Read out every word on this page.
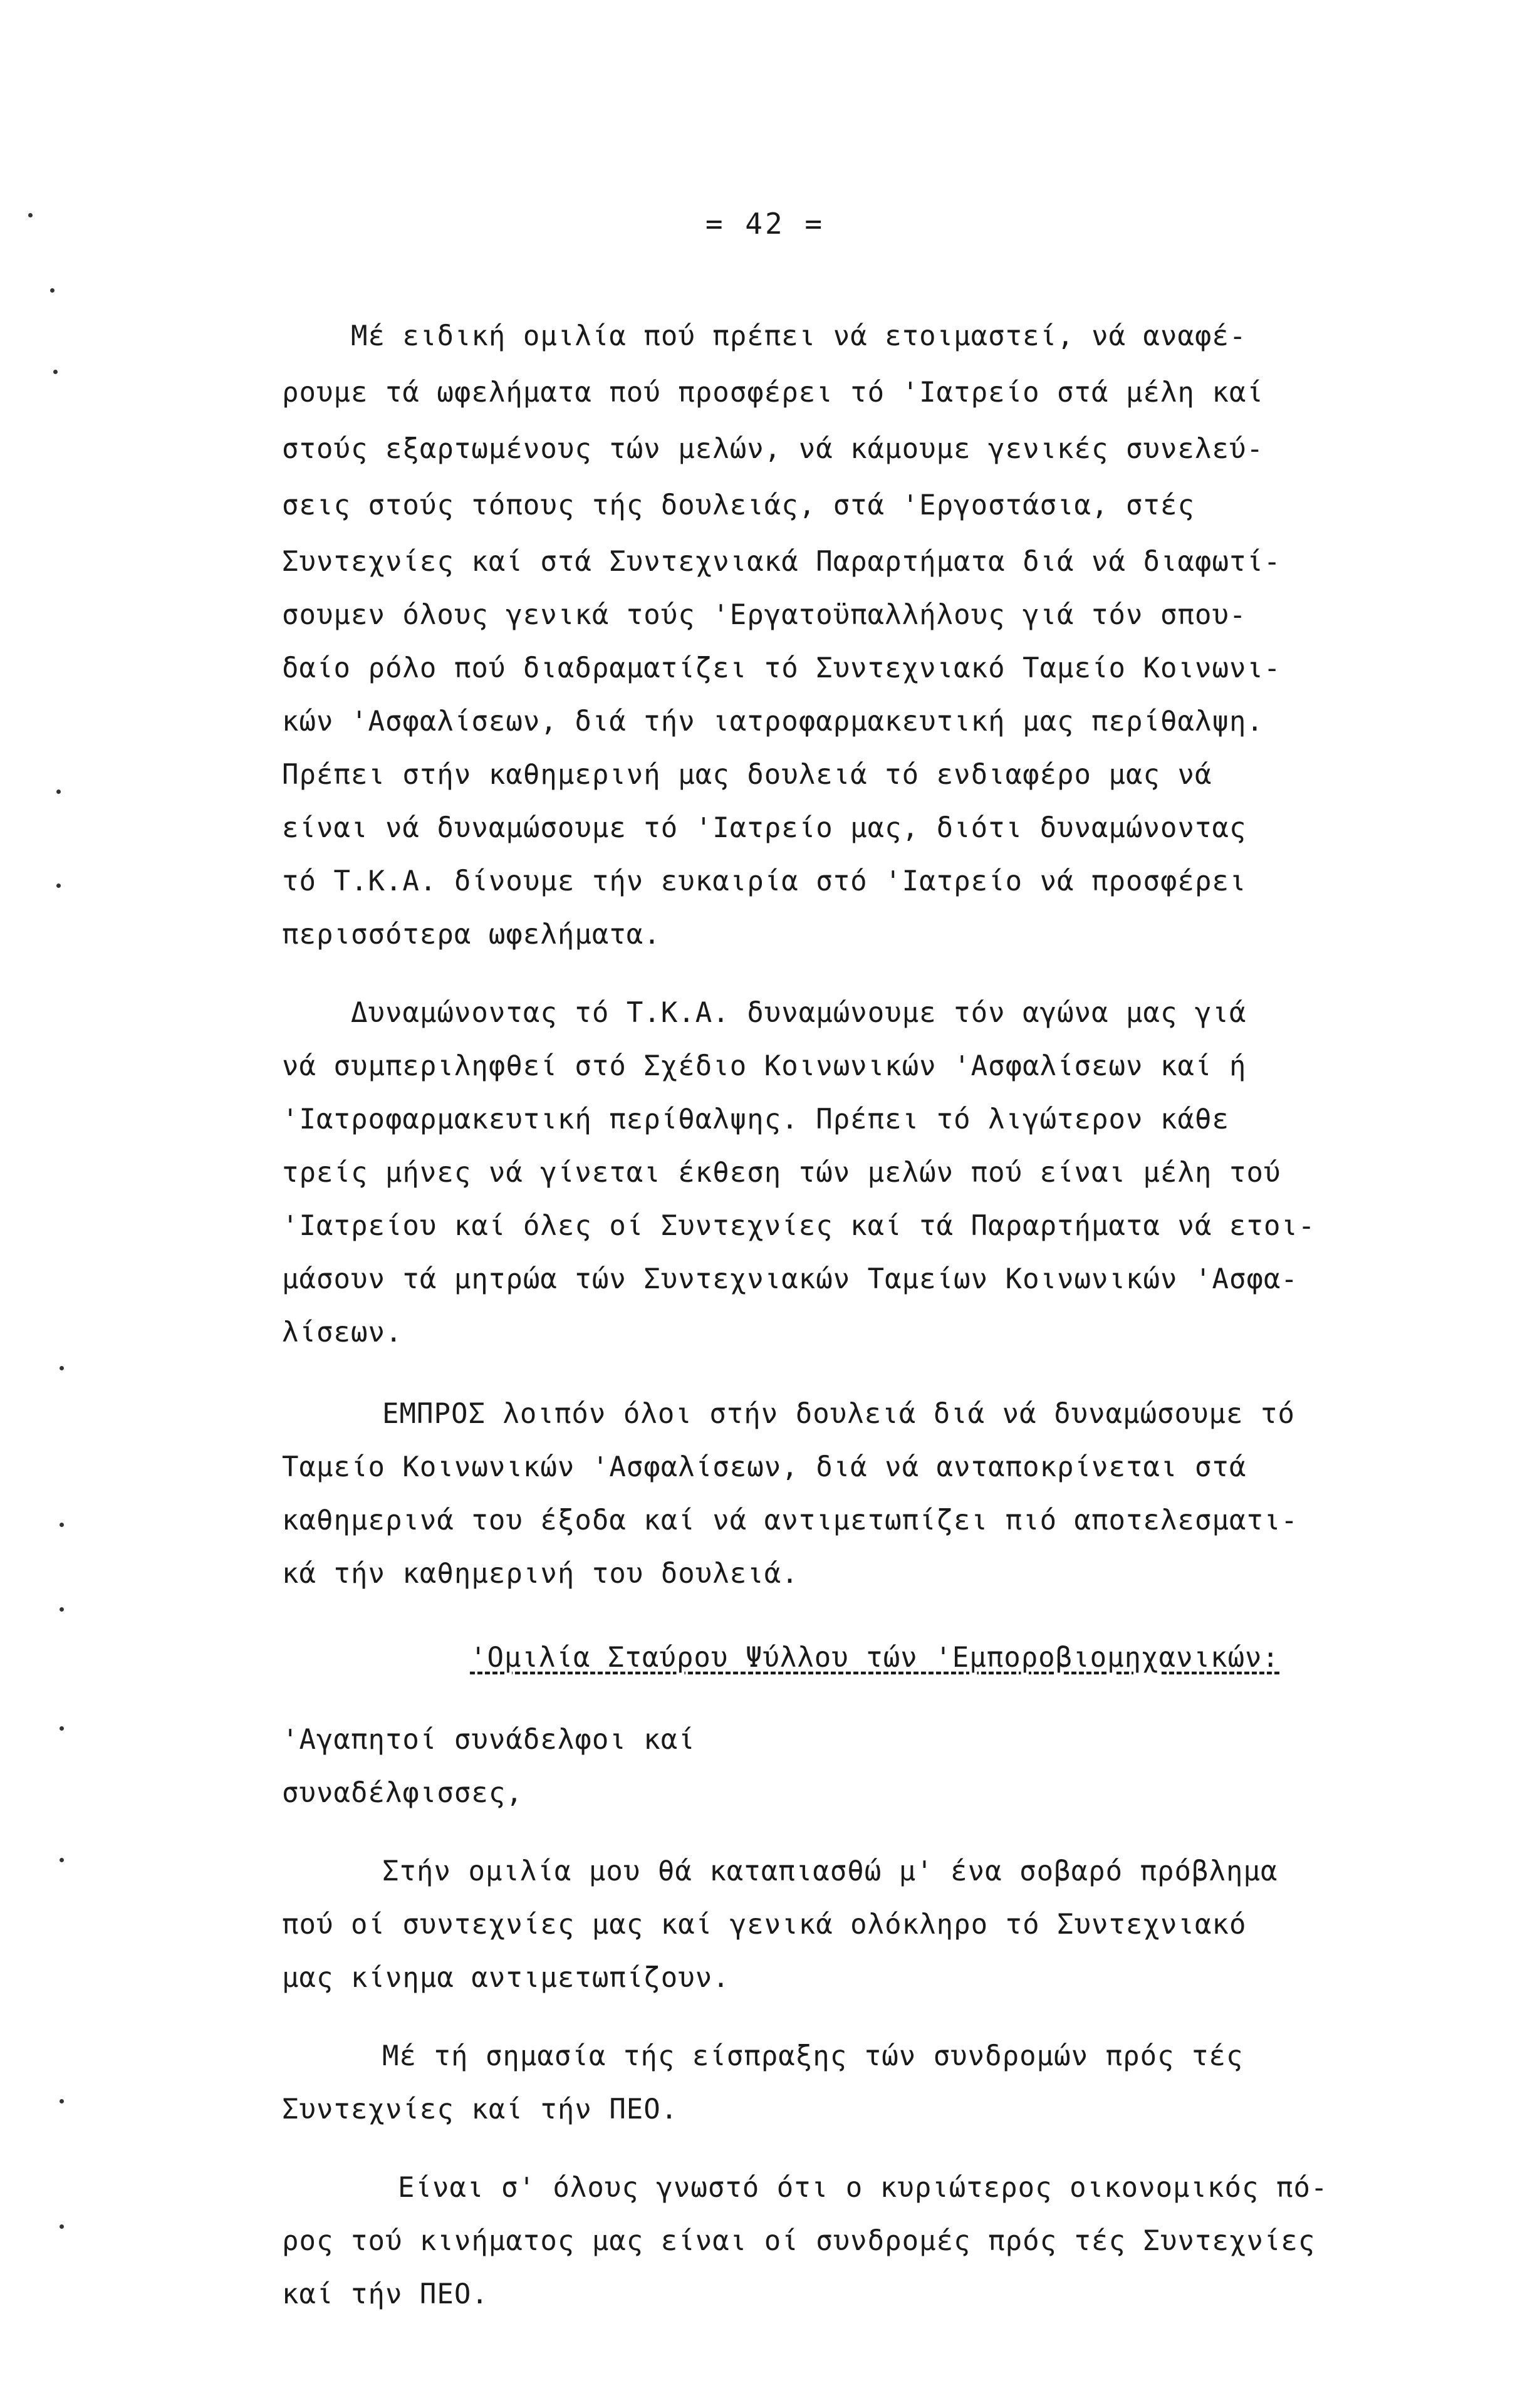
= 42 =
Μέ ειδική ομιλία πού πρέπει νά ετοιμαστεί, νά αναφέ-
ρουμε τά ωφελήματα πού προσφέρει τό 'Ιατρείο στά μέλη καί
στούς εξαρτωμένους τών μελών, νά κάμουμε γενικές συνελεύ-
σεις στούς τόπους τής δουλειάς, στά 'Εργοστάσια, στές
Συντεχνίες καί στά Συντεχνιακά Παραρτήματα διά νά διαφωτί-
σουμεν όλους γενικά τούς 'Εργατοϋπαλλήλους γιά τόν σπου-
δαίο ρόλο πού διαδραματίζει τό Συντεχνιακό Ταμείο Κοινωνι-
κών 'Ασφαλίσεων, διά τήν ιατροφαρμακευτική μας περίθαλψη.
Πρέπει στήν καθημερινή μας δουλειά τό ενδιαφέρο μας νά
είναι νά δυναμώσουμε τό 'Ιατρείο μας, διότι δυναμώνοντας
τό Τ.Κ.Α. δίνουμε τήν ευκαιρία στό 'Ιατρείο νά προσφέρει
περισσότερα ωφελήματα.
Δυναμώνοντας τό Τ.Κ.Α. δυναμώνουμε τόν αγώνα μας γιά
νά συμπεριληφθεί στό Σχέδιο Κοινωνικών 'Ασφαλίσεων καί ή
'Ιατροφαρμακευτική περίθαλψης. Πρέπει τό λιγώτερον κάθε
τρείς μήνες νά γίνεται έκθεση τών μελών πού είναι μέλη τού
'Ιατρείου καί όλες οί Συντεχνίες καί τά Παραρτήματα νά ετοι-
μάσουν τά μητρώα τών Συντεχνιακών Ταμείων Κοινωνικών 'Ασφα-
λίσεων.
ΕΜΠΡΟΣ λοιπόν όλοι στήν δουλειά διά νά δυναμώσουμε τό
Ταμείο Κοινωνικών 'Ασφαλίσεων, διά νά ανταποκρίνεται στά
καθημερινά του έξοδα καί νά αντιμετωπίζει πιό αποτελεσματι-
κά τήν καθημερινή του δουλειά.
'Ομιλία Σταύρου Ψύλλου τών 'Εμποροβιομηχανικών:
'Αγαπητοί συνάδελφοι καί
συναδέλφισσες,
Στήν ομιλία μου θά καταπιασθώ μ' ένα σοβαρό πρόβλημα
πού οί συντεχνίες μας καί γενικά ολόκληρο τό Συντεχνιακό
μας κίνημα αντιμετωπίζουν.
Μέ τή σημασία τής είσπραξης τών συνδρομών πρός τές
Συντεχνίες καί τήν ΠΕΟ.
Είναι σ' όλους γνωστό ότι ο κυριώτερος οικονομικός πό-
ρος τού κινήματος μας είναι οί συνδρομές πρός τές Συντεχνίες
καί τήν ΠΕΟ.
